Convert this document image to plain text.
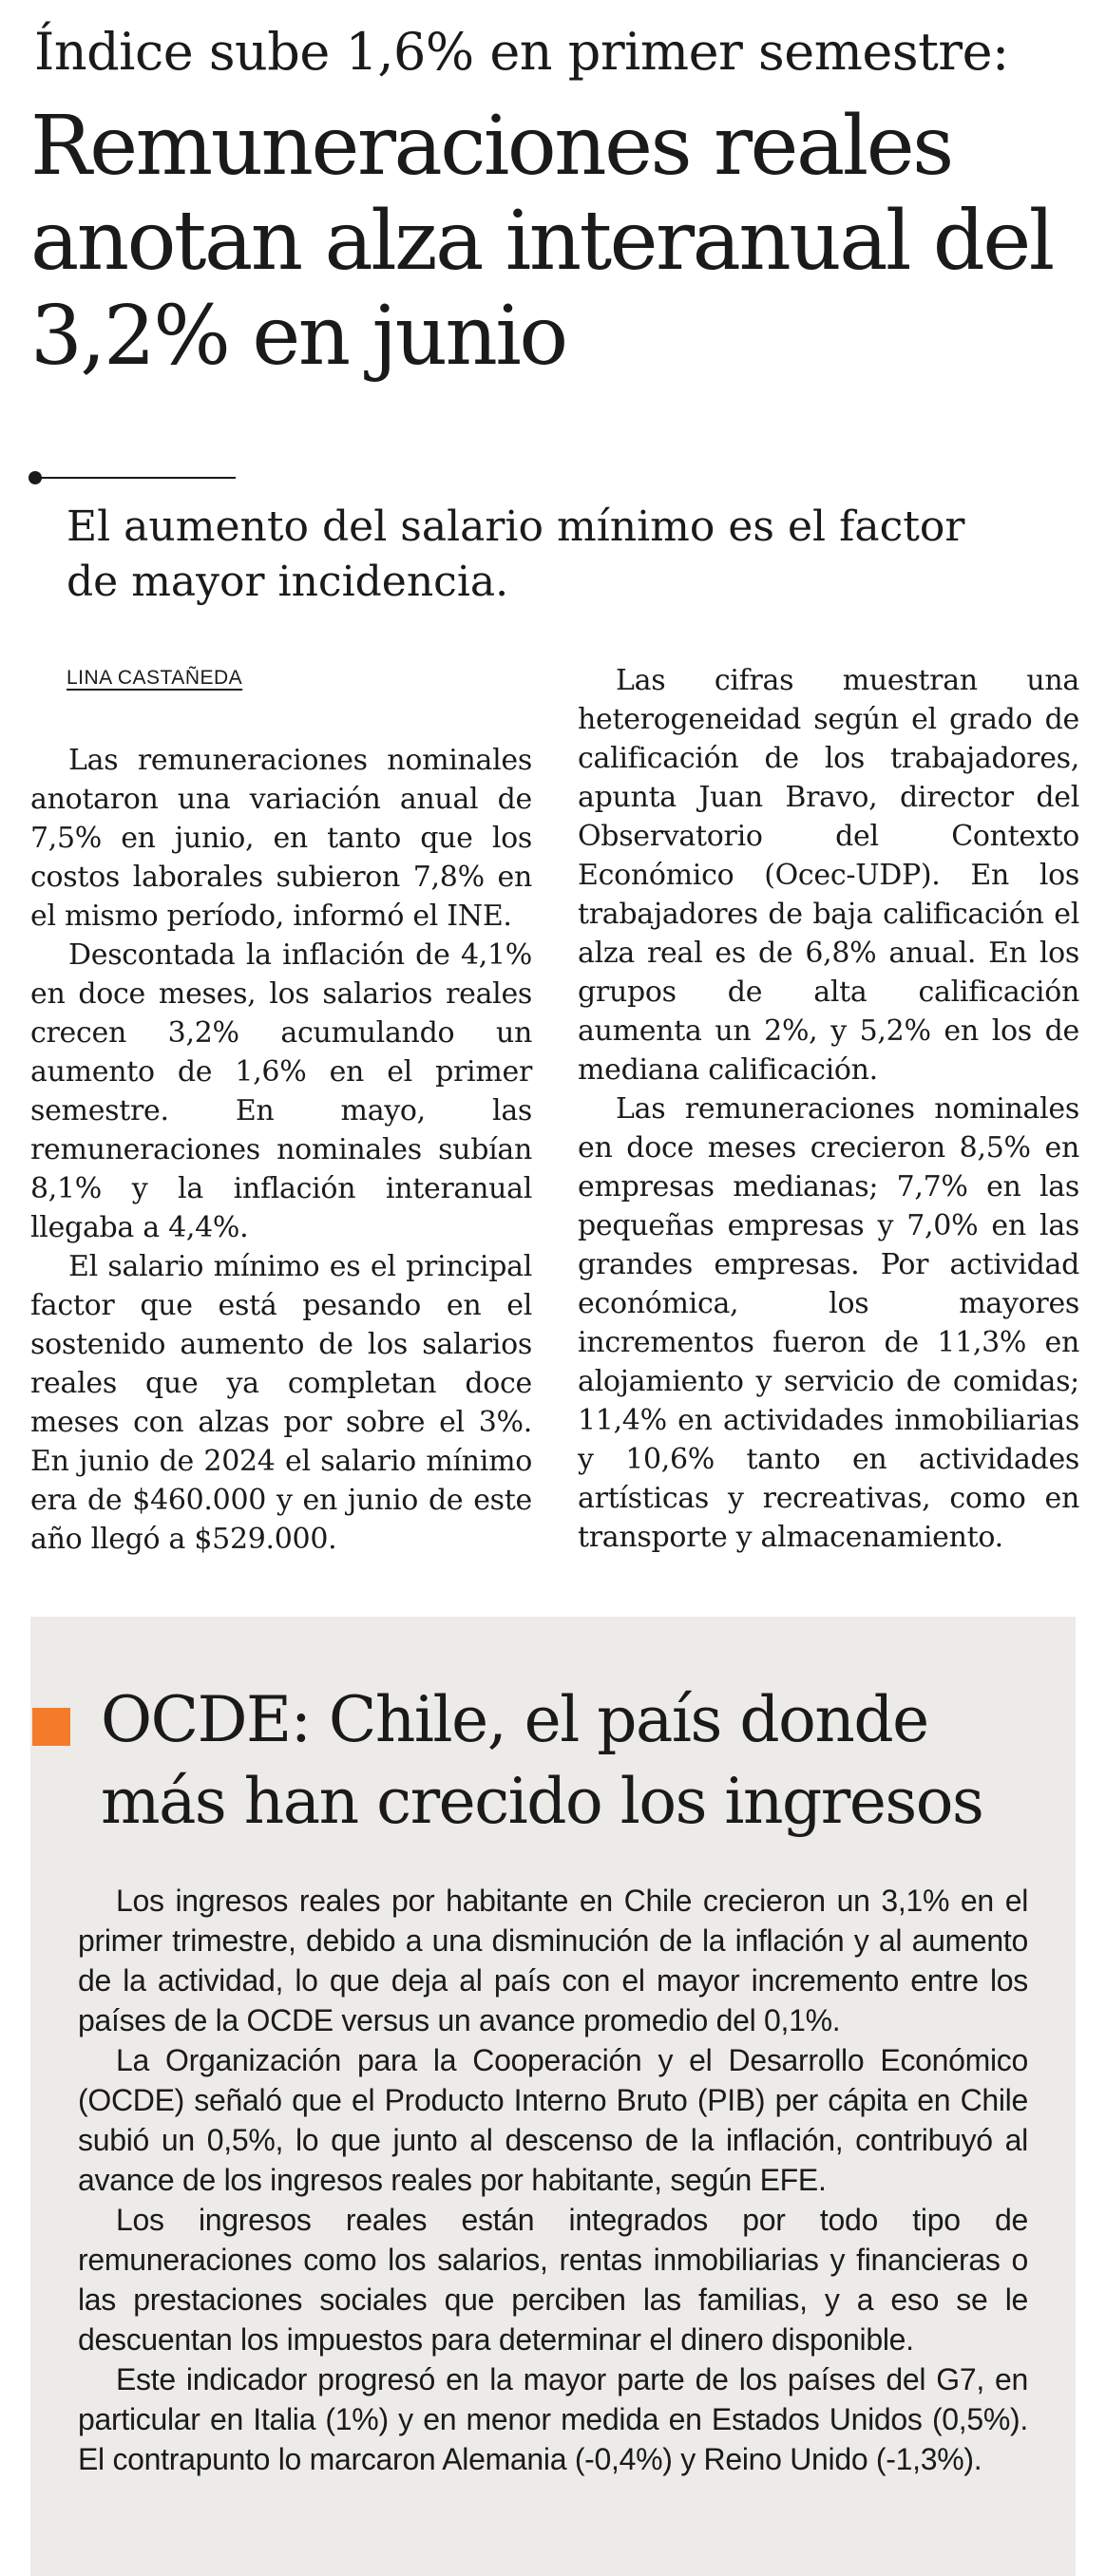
Índice sube 1,6% en primer semestre:
Remuneraciones reales anotan alza interanual del 3,2% en junio
El aumento del salario mínimo es el factor de mayor incidencia.
LINA CASTAÑEDA

Las remuneraciones nominales anotaron una variación anual de 7,5% en junio, en tanto que los costos laborales subieron 7,8% en el mismo período, informó el INE.

Descontada la inflación de 4,1% en doce meses, los salarios reales crecen 3,2% acumulando un aumento de 1,6% en el primer semestre. En mayo, las remuneraciones nominales subían 8,1% y la inflación interanual llegaba a 4,4%.

El salario mínimo es el principal factor que está pesando en el sostenido aumento de los salarios reales que ya completan doce meses con alzas por sobre el 3%. En junio de 2024 el salario mínimo era de $460.000 y en junio de este año llegó a $529.000.

Las cifras muestran una heterogeneidad según el grado de calificación de los trabajadores, apunta Juan Bravo, director del Observatorio del Contexto Económico (Ocec-UDP). En los trabajadores de baja calificación el alza real es de 6,8% anual. En los grupos de alta calificación aumenta un 2%, y 5,2% en los de mediana calificación.

Las remuneraciones nominales en doce meses crecieron 8,5% en empresas medianas; 7,7% en las pequeñas empresas y 7,0% en las grandes empresas. Por actividad económica, los mayores incrementos fueron de 11,3% en alojamiento y servicio de comidas; 11,4% en actividades inmobiliarias y 10,6% tanto en actividades artísticas y recreativas, como en transporte y almacenamiento.

OCDE: Chile, el país donde más han crecido los ingresos

Los ingresos reales por habitante en Chile crecieron un 3,1% en el primer trimestre, debido a una disminución de la inflación y al aumento de la actividad, lo que deja al país con el mayor incremento entre los países de la OCDE versus un avance promedio del 0,1%.

La Organización para la Cooperación y el Desarrollo Económico (OCDE) señaló que el Producto Interno Bruto (PIB) per cápita en Chile subió un 0,5%, lo que junto al descenso de la inflación, contribuyó al avance de los ingresos reales por habitante, según EFE.

Los ingresos reales están integrados por todo tipo de remuneraciones como los salarios, rentas inmobiliarias y financieras o las prestaciones sociales que perciben las familias, y a eso se le descuentan los impuestos para determinar el dinero disponible.

Este indicador progresó en la mayor parte de los países del G7, en particular en Italia (1%) y en menor medida en Estados Unidos (0,5%). El contrapunto lo marcaron Alemania (-0,4%) y Reino Unido (-1,3%).
